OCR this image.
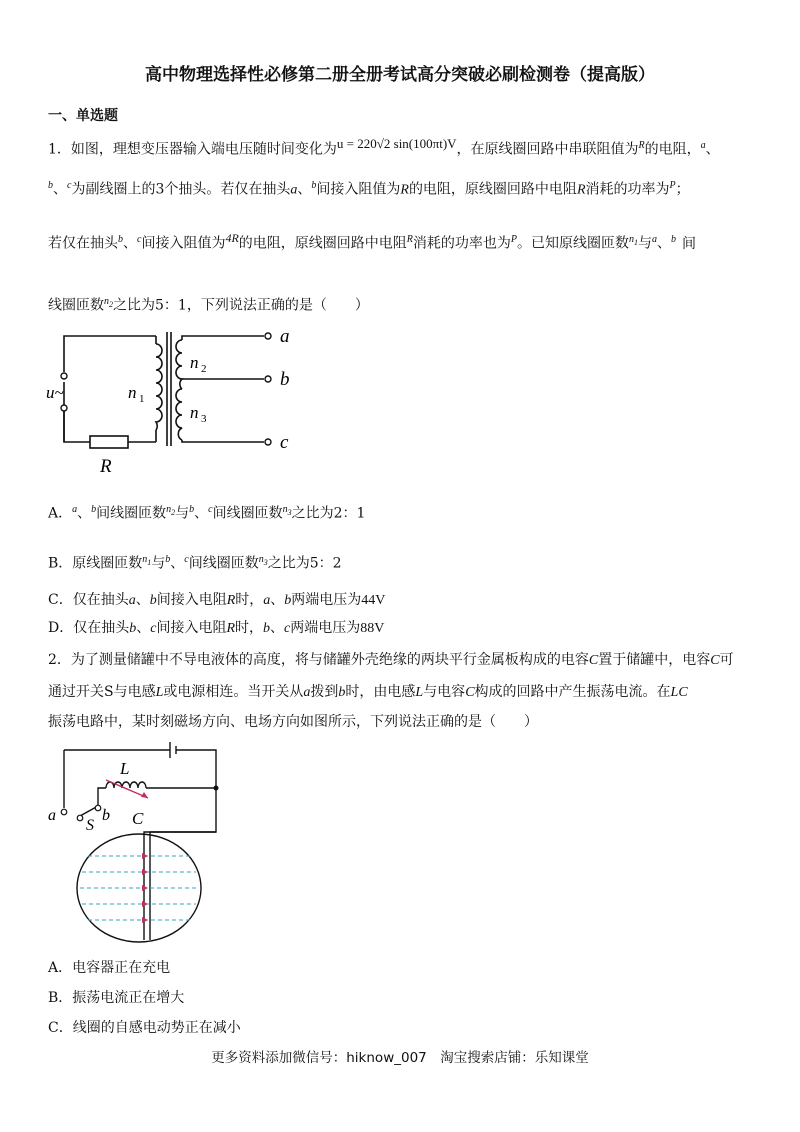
高中物理选择性必修第二册全册考试高分突破必刷检测卷（提高版）
一、单选题
1．如图，理想变压器输入端电压随时间变化为u = 220√2 sin(100πt)V，在原线圈回路中串联阻值为$^R$的电阻，$^a$、
$^b$、$^c$为副线圈上的3个抽头。若仅在抽头a、$^b$间接入阻值为R的电阻，原线圈回路中电阻R消耗的功率为$^P$；
若仅在抽头$^b$、$^c$间接入阻值为$^{4R}$的电阻，原线圈回路中电阻$^R$消耗的功率也为$^P$。已知原线圈匝数$^{n_1}$与$^a$、$^b$ 间
线圈匝数$^{n_2}$之比为5：1，下列说法正确的是（　　）
u~	n 1
n 2
n 3
a
b
c
R
A．$^a$、$^b$间线圈匝数$^{n_2}$与$^b$、$^c$间线圈匝数$^{n_3}$之比为2：1
B．原线圈匝数$^{n_1}$与$^b$、$^c$间线圈匝数$^{n_3}$之比为5：2
C．仅在抽头a、b间接入电阻R时，a、b两端电压为44V
D．仅在抽头b、c间接入电阻R时，b、c两端电压为88V
2．为了测量储罐中不导电液体的高度，将与储罐外壳绝缘的两块平行金属板构成的电容C置于储罐中，电容C可
通过开关S与电感L或电源相连。当开关从a拨到b时，由电感L与电容C构成的回路中产生振荡电流。在LC
振荡电路中，某时刻磁场方向、电场方向如图所示，下列说法正确的是（　　）
L
a
S
b C
A．电容器正在充电
B．振荡电流正在增大
C．线圈的自感电动势正在减小
更多资料添加微信号：hiknow_007　淘宝搜索店铺：乐知课堂
